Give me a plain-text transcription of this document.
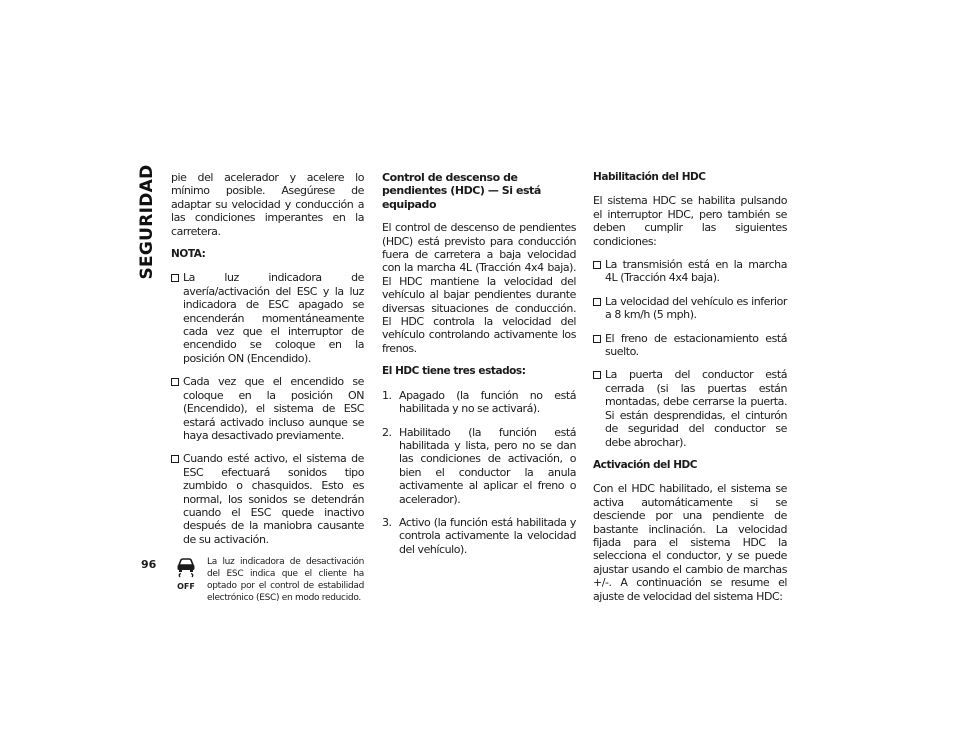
SEGURIDAD
96

pie del acelerador y acelere lo mínimo posible. Asegúrese de adaptar su velocidad y conducción a las condiciones imperantes en la carretera.

NOTA:
La luz indicadora de avería/activación del ESC y la luz indicadora de ESC apagado se encenderán momentáneamente cada vez que el interruptor de encendido se coloque en la posición ON (Encendido).
Cada vez que el encendido se coloque en la posición ON (Encendido), el sistema de ESC estará activado incluso aunque se haya desactivado previamente.
Cuando esté activo, el sistema de ESC efectuará sonidos tipo zumbido o chasquidos. Esto es normal, los sonidos se detendrán cuando el ESC quede inactivo después de la maniobra causante de su activación.
OFF
La luz indicadora de desactivación del ESC indica que el cliente ha optado por el control de estabilidad electrónico (ESC) en modo reducido.
Control de descenso de pendientes (HDC) — Si está equipado

El control de descenso de pendientes (HDC) está previsto para conducción fuera de carretera a baja velocidad con la marcha 4L (Tracción 4x4 baja). El HDC mantiene la velocidad del vehículo al bajar pendientes durante diversas situaciones de conducción. El HDC controla la velocidad del vehículo controlando activamente los frenos.

El HDC tiene tres estados:
1. Apagado (la función no está habilitada y no se activará).
2. Habilitado (la función está habilitada y lista, pero no se dan las condiciones de activación, o bien el conductor la anula activamente al aplicar el freno o acelerador).
3. Activo (la función está habilitada y controla activamente la velocidad del vehículo).
Habilitación del HDC

El sistema HDC se habilita pulsando el interruptor HDC, pero también se deben cumplir las siguientes condiciones:

La transmisión está en la marcha 4L (Tracción 4x4 baja).
La velocidad del vehículo es inferior a 8 km/h (5 mph).
El freno de estacionamiento está suelto.
La puerta del conductor está cerrada (si las puertas están montadas, debe cerrarse la puerta. Si están desprendidas, el cinturón de seguridad del conductor se debe abrochar).
Activación del HDC

Con el HDC habilitado, el sistema se activa automáticamente si se desciende por una pendiente de bastante inclinación. La velocidad fijada para el sistema HDC la selecciona el conductor, y se puede ajustar usando el cambio de marchas +/-. A continuación se resume el ajuste de velocidad del sistema HDC:
